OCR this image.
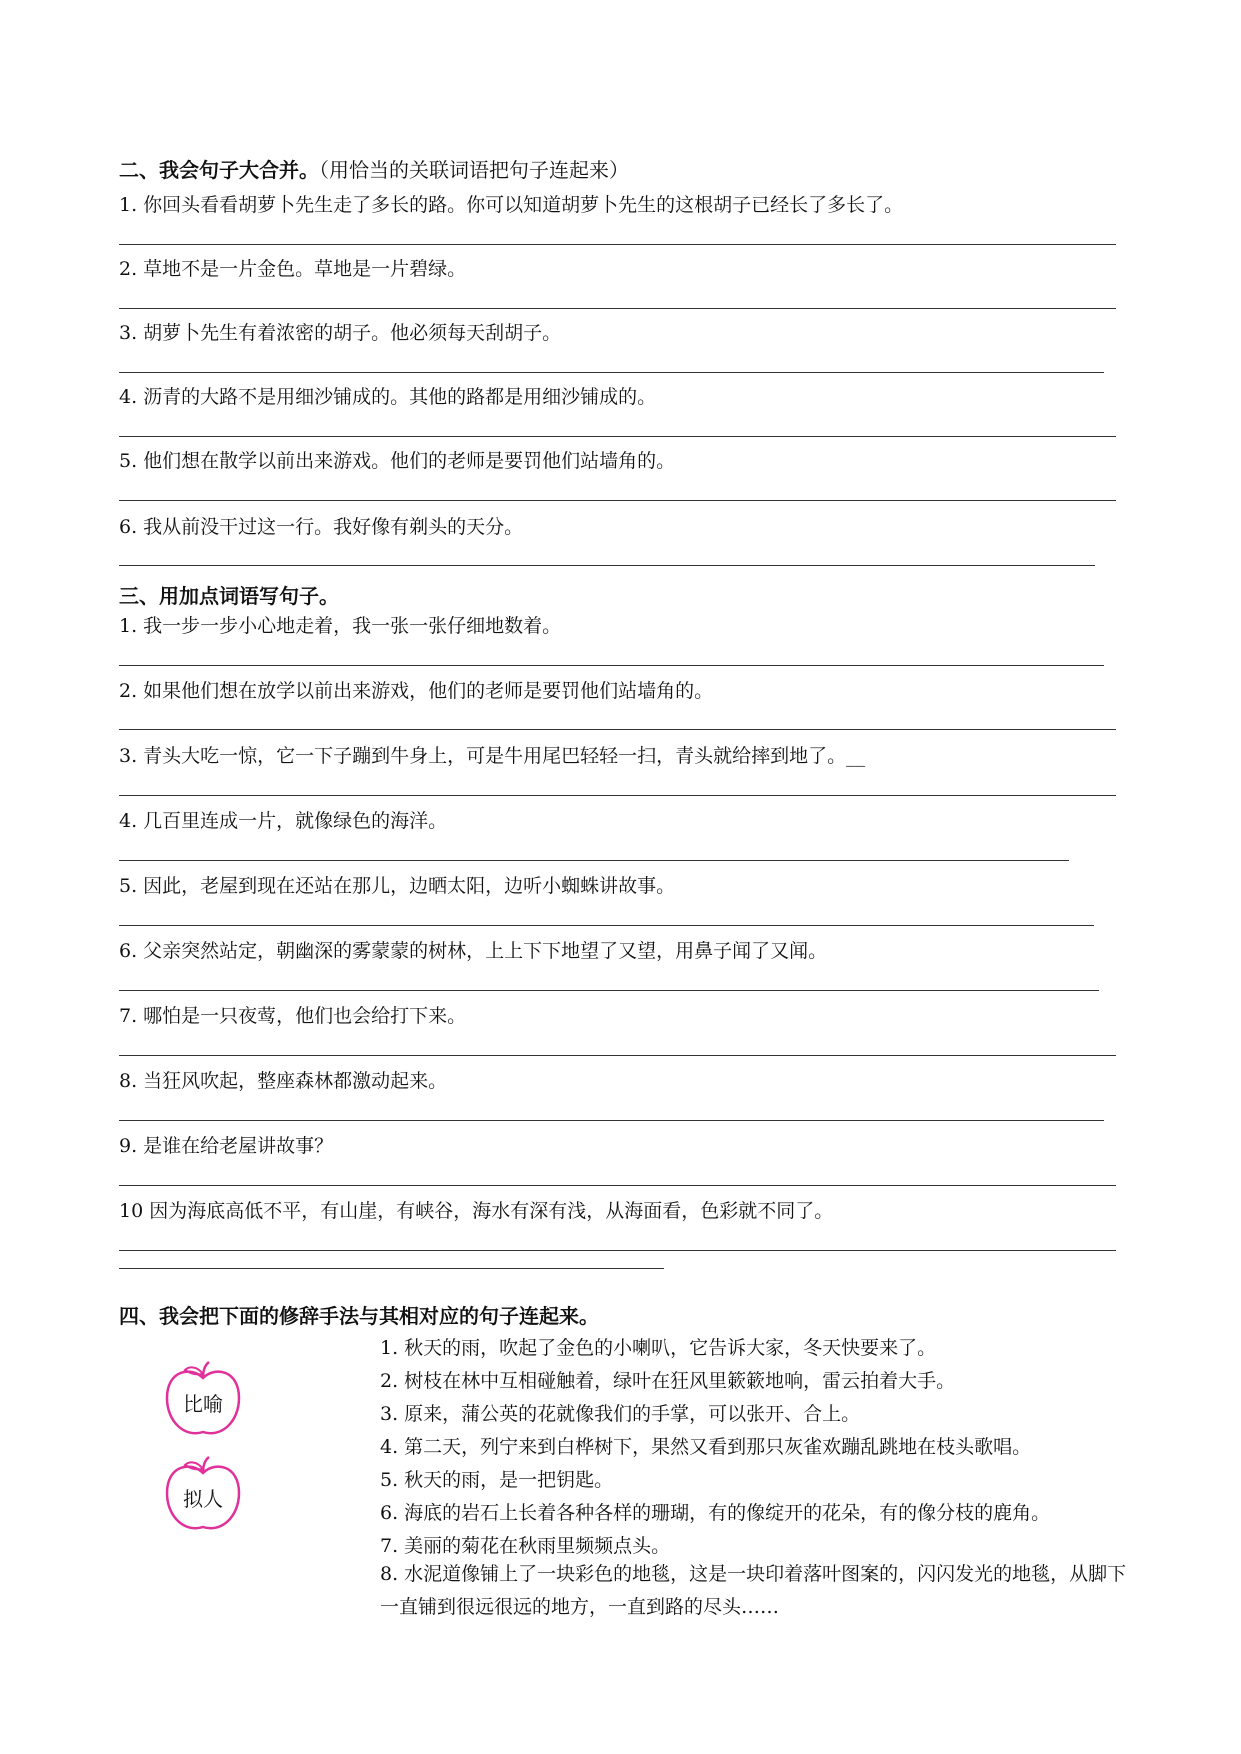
二、我会句子大合并。（用恰当的关联词语把句子连起来）
1. 你回头看看胡萝卜先生走了多长的路。你可以知道胡萝卜先生的这根胡子已经长了多长了。
2. 草地不是一片金色。草地是一片碧绿。
3. 胡萝卜先生有着浓密的胡子。他必须每天刮胡子。
4. 沥青的大路不是用细沙铺成的。其他的路都是用细沙铺成的。
5. 他们想在散学以前出来游戏。他们的老师是要罚他们站墙角的。
6. 我从前没干过这一行。我好像有剃头的天分。
三、用加点词语写句子。
1. 我一步一步小心地走着，我一张一张仔细地数着。
2. 如果他们想在放学以前出来游戏，他们的老师是要罚他们站墙角的。
3. 青头大吃一惊，它一下子蹦到牛身上，可是牛用尾巴轻轻一扫，青头就给摔到地了。__
4. 几百里连成一片，就像绿色的海洋。
5. 因此，老屋到现在还站在那儿，边晒太阳，边听小蜘蛛讲故事。
6. 父亲突然站定，朝幽深的雾蒙蒙的树林，上上下下地望了又望，用鼻子闻了又闻。
7. 哪怕是一只夜莺，他们也会给打下来。
8. 当狂风吹起，整座森林都激动起来。
9. 是谁在给老屋讲故事？
10 因为海底高低不平，有山崖，有峡谷，海水有深有浅，从海面看，色彩就不同了。
四、我会把下面的修辞手法与其相对应的句子连起来。
比喻
拟人
1. 秋天的雨，吹起了金色的小喇叭，它告诉大家，冬天快要来了。
2. 树枝在林中互相碰触着，绿叶在狂风里簌簌地响，雷云拍着大手。
3. 原来，蒲公英的花就像我们的手掌，可以张开、合上。
4. 第二天，列宁来到白桦树下，果然又看到那只灰雀欢蹦乱跳地在枝头歌唱。
5. 秋天的雨，是一把钥匙。
6. 海底的岩石上长着各种各样的珊瑚，有的像绽开的花朵，有的像分枝的鹿角。
7. 美丽的菊花在秋雨里频频点头。
8. 水泥道像铺上了一块彩色的地毯，这是一块印着落叶图案的，闪闪发光的地毯，从脚下一直铺到很远很远的地方，一直到路的尽头……
